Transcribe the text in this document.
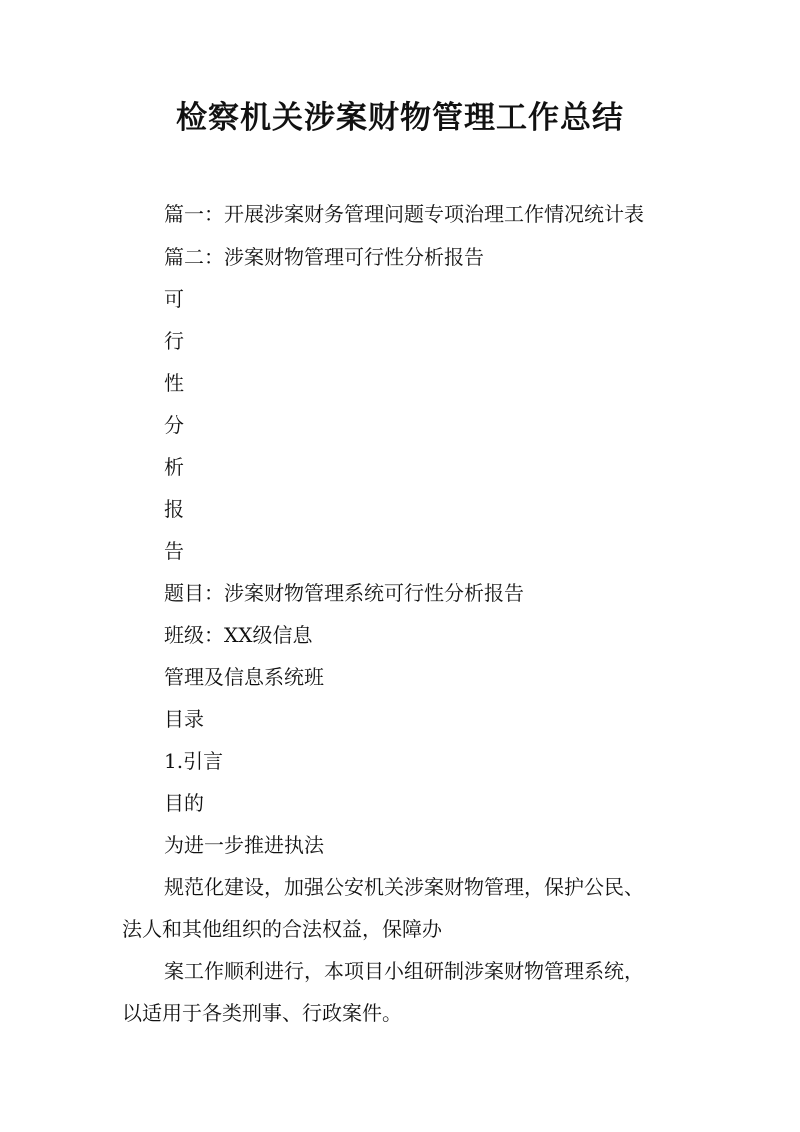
检察机关涉案财物管理工作总结

篇一：开展涉案财务管理问题专项治理工作情况统计表

篇二：涉案财物管理可行性分析报告

可

行

性

分

析

报

告

题目：涉案财物管理系统可行性分析报告

班级：XX级信息

管理及信息系统班

目录

1.引言

目的

为进一步推进执法

规范化建设，加强公安机关涉案财物管理，保护公民、

法人和其他组织的合法权益，保障办

案工作顺利进行，本项目小组研制涉案财物管理系统，

以适用于各类刑事、行政案件。
